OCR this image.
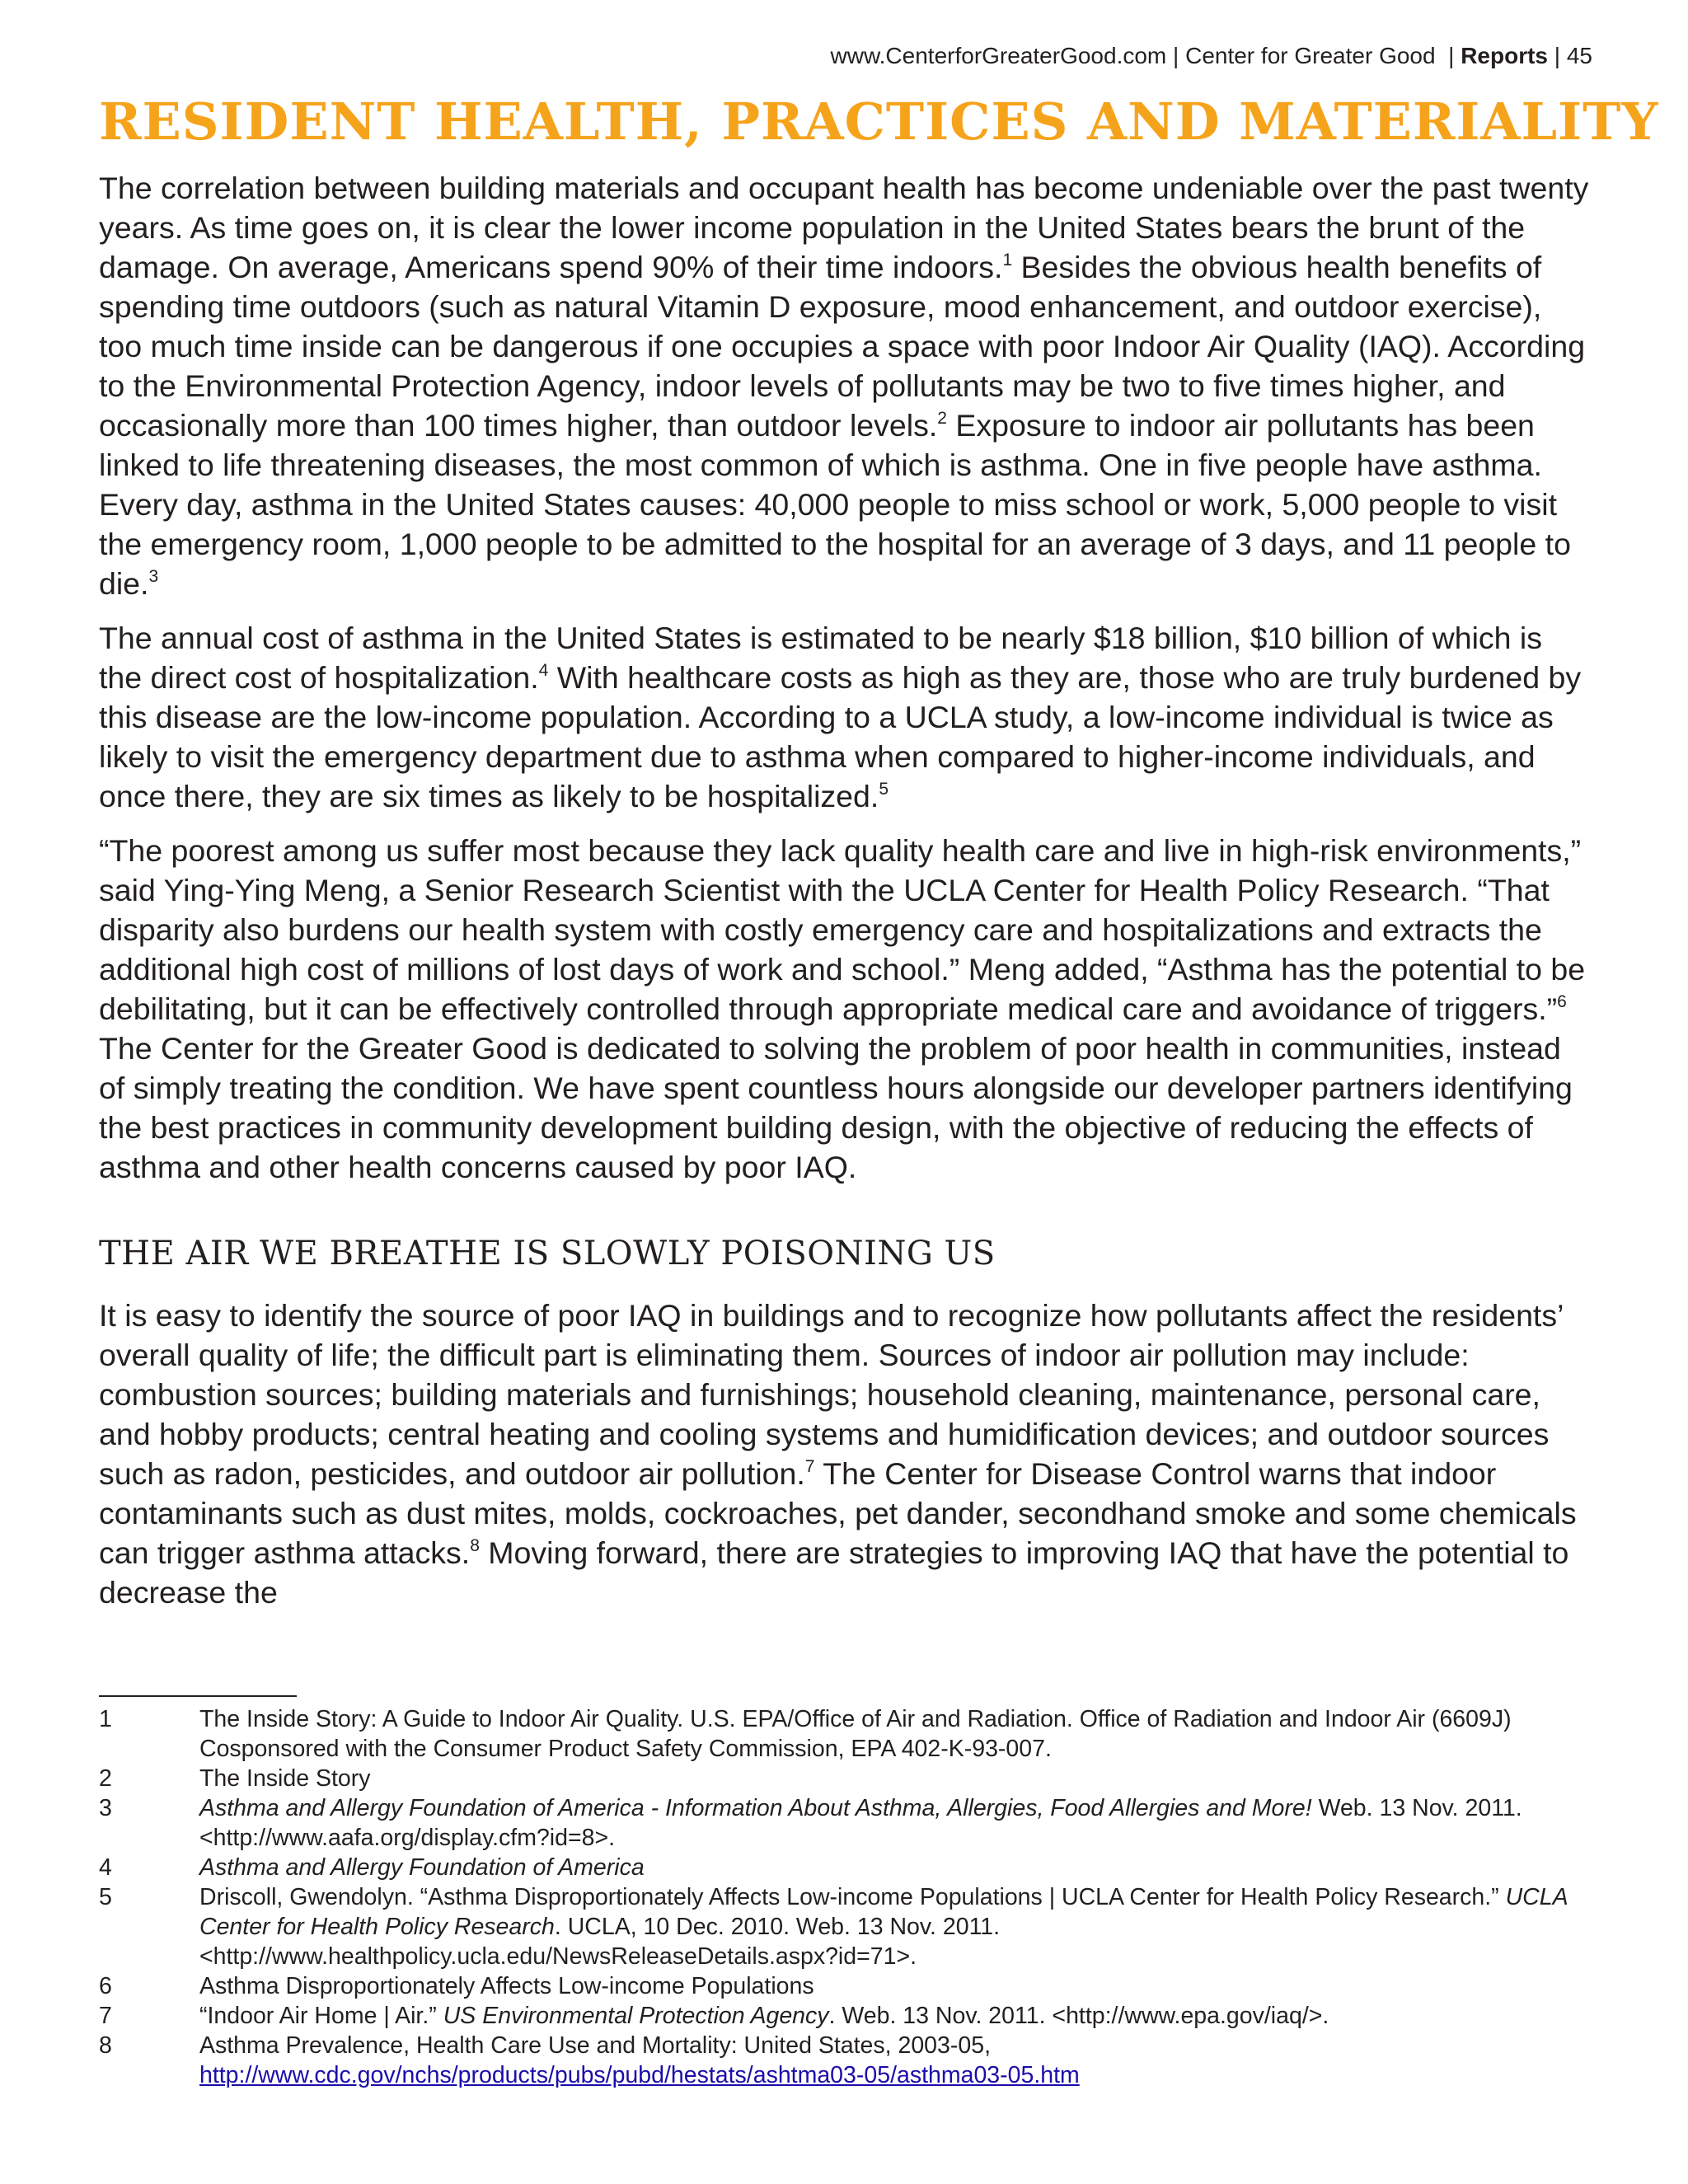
www.CenterforGreaterGood.com | Center for Greater Good | Reports | 45
RESIDENT HEALTH, PRACTICES AND MATERIALITY

The correlation between building materials and occupant health has become undeniable over the past twenty years. As time goes on, it is clear the lower income population in the United States bears the brunt of the damage. On average, Americans spend 90% of their time indoors.$^1$ Besides the obvious health benefits of spending time outdoors (such as natural Vitamin D exposure, mood enhancement, and outdoor exercise), too much time inside can be dangerous if one occupies a space with poor Indoor Air Quality (IAQ). According to the Environmental Protection Agency, indoor levels of pollutants may be two to five times higher, and occasionally more than 100 times higher, than outdoor levels.$^2$ Exposure to indoor air pollutants has been linked to life threatening diseases, the most common of which is asthma. One in five people have asthma. Every day, asthma in the United States causes: 40,000 people to miss school or work, 5,000 people to visit the emergency room, 1,000 people to be admitted to the hospital for an average of 3 days, and 11 people to die.$^3$

The annual cost of asthma in the United States is estimated to be nearly $18 billion, $10 billion of which is the direct cost of hospitalization.$^4$ With healthcare costs as high as they are, those who are truly burdened by this disease are the low-income population. According to a UCLA study, a low-income individual is twice as likely to visit the emergency department due to asthma when compared to higher-income individuals, and once there, they are six times as likely to be hospitalized.$^5$

“The poorest among us suffer most because they lack quality health care and live in high-risk environments,” said Ying-Ying Meng, a Senior Research Scientist with the UCLA Center for Health Policy Research. “That disparity also burdens our health system with costly emergency care and hospitalizations and extracts the additional high cost of millions of lost days of work and school.” Meng added, “Asthma has the potential to be debilitating, but it can be effectively controlled through appropriate medical care and avoidance of triggers.”$^6$ The Center for the Greater Good is dedicated to solving the problem of poor health in communities, instead of simply treating the condition. We have spent countless hours alongside our developer partners identifying the best practices in community development building design, with the objective of reducing the effects of asthma and other health concerns caused by poor IAQ.

THE AIR WE BREATHE IS SLOWLY POISONING US

It is easy to identify the source of poor IAQ in buildings and to recognize how pollutants affect the residents’ overall quality of life; the difficult part is eliminating them. Sources of indoor air pollution may include: combustion sources; building materials and furnishings; household cleaning, maintenance, personal care, and hobby products; central heating and cooling systems and humidification devices; and outdoor sources such as radon, pesticides, and outdoor air pollution.$^7$ The Center for Disease Control warns that indoor contaminants such as dust mites, molds, cockroaches, pet dander, secondhand smoke and some chemicals can trigger asthma attacks.$^8$ Moving forward, there are strategies to improving IAQ that have the potential to decrease the

1	The Inside Story: A Guide to Indoor Air Quality. U.S. EPA/Office of Air and Radiation. Office of Radiation and Indoor Air (6609J) Cosponsored with the Consumer Product Safety Commission, EPA 402-K-93-007.
2	The Inside Story
3	Asthma and Allergy Foundation of America - Information About Asthma, Allergies, Food Allergies and More! Web. 13 Nov. 2011. <http://www.aafa.org/display.cfm?id=8>.
4	Asthma and Allergy Foundation of America
5	Driscoll, Gwendolyn. “Asthma Disproportionately Affects Low-income Populations | UCLA Center for Health Policy Research.” UCLA Center for Health Policy Research. UCLA, 10 Dec. 2010. Web. 13 Nov. 2011. <http://www.healthpolicy.ucla.edu/NewsReleaseDetails.aspx?id=71>.
6	Asthma Disproportionately Affects Low-income Populations
7	“Indoor Air Home | Air.” US Environmental Protection Agency. Web. 13 Nov. 2011. <http://www.epa.gov/iaq/>.
8	Asthma Prevalence, Health Care Use and Mortality: United States, 2003-05, http://www.cdc.gov/nchs/products/pubs/pubd/hestats/ashtma03-05/asthma03-05.htm
